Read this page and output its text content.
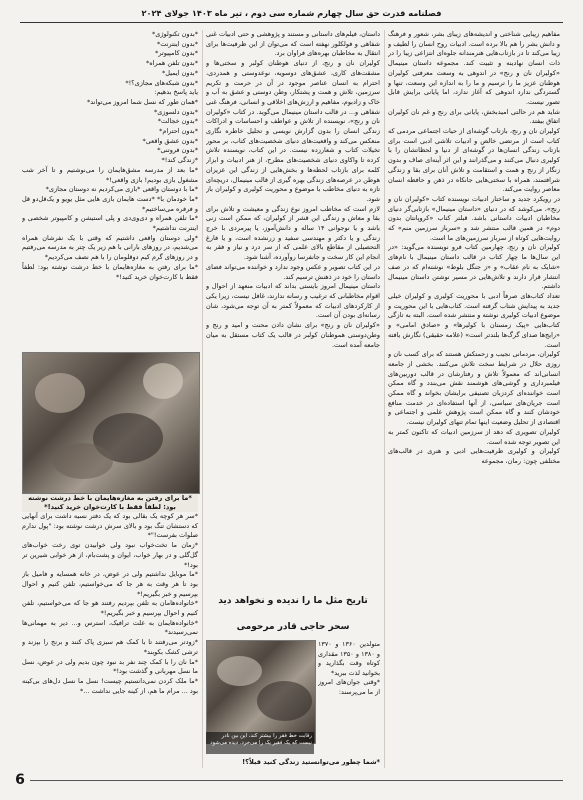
فصلنامه قدرت حق سال چهارم شماره سی دوم ، تیر ماه ۱۴۰۳ جولای ۲۰۲۴

مفاهیم زیبایی شناختی و اندیشه‌های زیبای بشر، شعور و فرهنگ و دانش بشر را هم بالا برده است. ادبیات روح انسان را لطیف و زیبا می‌کند تا در بازتاب‌هایی هنرمندانه جلوه‌ای انتزاعی زیبا را در ذات انسان نهادینه و تثبیت کند. مجموعه داستان مینیمال «کولیران نان و رنج» در اندوهی به وسعت معرفتی کولیران هوطنان عزیز ما را ترسیم و ما را به اندازه این وسعت، تنها و گستردگی ندارد اندوهی که آغاز ندارد، اما پایانی برایش قابل تصور نیست.

شاید هم در حالتی امیدبخش، پایانی برای رنج و غم نان کولیران اتفاق بیفتد.

کولیران نان و رنج، بازتاب گوشه‌ای از حیات اجتماعی مردمی که کتاب است از مرتضی خالص و ادبیات تلاشی ادبی است برای بازتاب زندگی انسان‌ها در گوشه‌ای از دنیا و لحظاتشان را با کولیری دنبال می‌کنند و می‌گذرانند و این اثر آینه‌ای صاف و بدون زنگار از رنج و همت و استقامت و تلاش آنان برای بقا و زندگی شرافتمند، همراه با سختی‌هایی جانکاه در ذهن و حافظه انسان معاصر روایت می‌کند.

در رویکرد جدید و ساختار ادبیات نویسنده کتاب «کولیران نان و رنج»، می‌کوشد که در دنیای «داستان مینیمال» بازتابی‌گر دنیای مخاطبان ادبیات داستانی باشد. قبلتر کتاب «کروپانتان بدون دوم» در همین قالب منتشر شد و «سرباز سرزمین منم» که روایت‌هایی کوتاه از سرباز سرزمین‌های ما است.

کولیران نان و رنج، چهارمین کتاب فرو نویسنده می‌گوید: «در این سال‌ها ما چهار کتاب در قالب داستان مینیمال با نام‌های «شایک به نام عقاب» و «ز جنگل بلوط» نوشته‌ام که در صف انتشار قرار دارند و تلاش‌هایی در مسیر نوشتن داستان مینیمال داشتم.

تعداد کتاب‌های صرفاً ادبی با محوریت کولیری و کولیران خیلی جدید به پیدایش شتاب گرفته است. کتاب‌هایی با این محوریت و موضوع ادبیات کولیری نوشته و منتشر شده است. البته به تازگی کتاب‌هایی «پیک زمستان با کولیرها» و «صادق امامی» و «رایج‌ها صدای گرگ‌ها بلندتر است» (علامه حقیقی) نگارش یافته است.

کولیران، مردمانی نجیب و زحمتکش هستند که برای کسب نان و روزی حلال در شرایط سخت تلاش می‌کنند. بخشی از جامعه انسانی‌اند که معمولاً تلاش و رفتارشان در قالب دوربین‌های فیلمبرداری و گوشی‌های هوشمند نقش می‌بندد و گاه ممکن است خواننده‌ای کردزبان تصنیفی برایشان بخواند و گاه ممکن است جریان‌های سیاسی، از آنها استفاده‌ای در خدمت منافع خودشان کنند و گاه ممکن است پژوهش علمی و اجتماعی و اقتصادی از تحلیل وضعیت اینها تمام تنهای کولیران نیست.

کولیران تصویری که دهد از سرزمین ادبیات که تاکنون کمتر به این تصویر توجه شده است.

کولیران و کولیری ظرفیت‌هایی ادبی و هنری در قالب‌های مختلفی چون: رمان، مجموعه

داستان، فیلم‌های داستانی و مستند و پژوهشی و حتی ادبیات غنی شفاهی و فولکلور نهفته است که می‌توان از این ظرفیت‌ها برای انتقال به مخاطبان بهره‌های فراوان برد.

کولیران نان و رنج، از دنیای هوطنان کولبر و سختی‌ها و مشقت‌های کاری، عشق‌های دوسویه، نوعدوستی و همدردی، احترام به انسان عناصر موجود در آن در حرمت و تکریم سرزمین، تلاش و همت و پشتکار، وطن دوستی و عشق به آب و خاک و زادبوم، مفاهیم و ارزش‌های اخلاقی و انسانی، فرهنگ غنی شفاهی و... در قالب داستان مینیمال می‌گوید. در کتاب «کولیران نان و رنج»، نویسنده از تلاش و عواطف و احساسات و ادراکات زندگی انسان را بدون گزارش نویسی و تحلیل خاطره نگاری منعکس می‌کند و واقعیت‌های دنیای شخصیت‌های کتاب، بر محور تخیلات کتاب و شعارزده نیست. در این کتاب، نویسنده تلاش کرده تا واکاوی دنیای شخصیت‌های مطرح، از هنر ادبیات و ابزار کلمه برای بازتاب لحظه‌ها و بخش‌هایی از زندگی این عزیزان هوطن در عرصه‌های زندگی بهره گیری از قالب مینیمال، دریچه‌ای تازه به دنیای مخاطب با موضوع و محوریت کولیری و کولیران باز شود.

لازم است که مخاطب امروز نوع زندگی و معیشت و تلاش برای بقا و معاش و زندگی این قشر از کولیران، که ممکن است زنی باشد و یا نوجوانی ۱۴ ساله و دانش‌آموز، یا پیرمردی با خرج زندگی و یا دکتر و مهندسی سفید و زرنشده است، و یا فارغ التحصیلی از مقاطع بالای علمی که از سر درد و نیاز و فقر به انجام این کار سخت و جانفرسا روآورده، آشنا شود.

در این کتاب تصویر و عکس وجود ندارد و خواننده می‌تواند فضای داستان را خود در ذهنش ترسیم کند.

داستان مینیمال امروز بایستی بداند که ادبیات منعهد از احوال و اقوام مخاطبانی که ترغیب و رسانه ندارند، غافل نیست، زیرا یکی از کارکردهای ادبیات که معمولاً کمتر به آن توجه می‌شود، شان رسانه‌ای بودن آن است.

«کولیران نان و رنج» برای نشان دادن محنت و امید و رنج و وطن‌دوستی هموطنان کولبر در قالب یک کتاب مستقل به میان جامعه آمده است.

*بدون تکنولوژی*

*بدون اینترنت*

*بدون کامپیوتر*

*بدون تلفن همراه*

*بدون ایمیل*

*بدون شبکه‌های مجازی؟!*

یاید پاسخ بدهیم:

*همان طور که نسل شما امروز می‌تواند*

*بدون دلسوزی*

*بدون خجالت*

*بدون احترام*

*بدون عشق واقعی*

*بدون فروتنی*

*زندگی کند!*

*ما بعد از مدرسه مشق‌هایمان را می‌نوشتیم و تا آخر شب مشغول بازی بودیم! بازی واقعی!*

*ما با دوستان واقعی *بازی می‌کردیم نه دوستان مجازی*

*ما خودمان با* *دست هایمان بازی هایی مثل یویو و یک‌قل‌دو قل و فرفره می‌ساختیم*

*ما تلفن همراه و دی‌وی‌دی و پلی استیشن و کامپیوتر شخصی و اینترنت نداشتیم*

*ولی دوستان واقعی داشتیم که وقتی با یک نفرشان همراه می‌شدیم، در روزهای بارانی با هم زیر یک چتر به مدرسه می‌رفتیم و در روزهای گرم کیم دوقلومان را با هم نصف می‌کردیم*

*ما برای رفتن به مغازه‌هایمان با خط درشت نوشته بود: لطفاً فقط با کارت‌خوان خرید کنید!*

*ما برای رفتن به مغازه‌هایمان با خط درشت نوشته بود: لطفاً فقط با کارت‌خوان خرید کنید!*

*سر هر کوچه یک بقالی بود که یک دفتر نسیه داشت برای آنهایی که دستشان تنگ بود و بالای سرش درشت نوشته بود: "پول ندارم صلوات بفرست!"*

*زمان ما تخت‌خواب نبود ولی خوابیدن توی رخت خواب‌های گل‌گلی و در بهار خواب، ایوان و پشت‌بام، از هر خوابی شیرین تر بود!*

*ما موبایل نداشتیم ولی در عوض، در خانه همسایه و فامیل باز بود تا هر وقت به هر جا که می‌خواستیم، تلفن کنیم و احوال بپرسیم و خبر بگیریم!*

*خانواده‌ها‌مان به تلفن بپردیم رفتند هو جا که می‌خواستیم، تلفن کنیم و احوال بپرسیم و خبر بگیریم!*

*خانواده‌هایمان به علت ترافیک، استرس و... دیر به مهمانی‌ها نمی‌رسیدند*

*زودتر می‌رفتند تا با کمک هم سبزی پاک کنند و برنج را بپزند و ترشی کشک بکوبند*

*ما نان را با کمک چند نفر بد نبود چون بدیم ولی در عوض، نسل ما نسل مهربانی و گذشت بود!*

*ما ملک کردن نمی‌دانستیم چیست! نسل ما نسل دل‌های بی‌کینه بود ... مرام ما هم، از کینه جایی نداشت ...*

تاریخ مثل ما را ندیده و نخواهد دید
سحر حاجی قادر مرحومی
رقابت خط فقر را بیشتر کند، این بین نادر نیست که یک فقیر یک را می‌خرد. دیده می‌شود

متولدین ۱۳۶۰ و ۱۳۷۰ و ۱۳۸۰ و ۱۳۵۰ مقداری کوتاه وقت بگذارید و بخوانید لذت ببرید*

*وقتی جوان‌های امروز از ما می‌پرسند:

*شما چطور می‌توانستید زندگی کنید قبلاً؟!
6
